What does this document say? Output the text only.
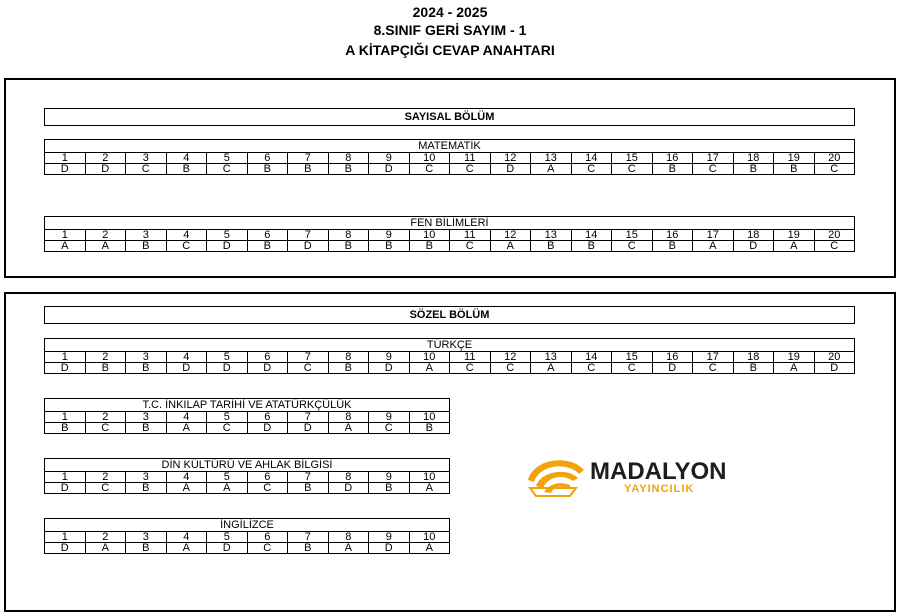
2024 - 2025
8.SINIF GERİ SAYIM - 1
A KİTAPÇIĞI CEVAP ANAHTARI
SAYISAL BÖLÜM
SÖZEL BÖLÜM
MATEMATİK																			
1	2	3	4	5	6	7	8	9	10	11	12	13	14	15	16	17	18	19	20
D	D	C	B	C	B	B	B	D	C	C	D	A	C	C	B	C	B	B	C
FEN BİLİMLERİ																			
1	2	3	4	5	6	7	8	9	10	11	12	13	14	15	16	17	18	19	20
A	A	B	C	D	B	D	B	B	B	C	A	B	B	C	B	A	D	A	C
TÜRKÇE																			
1	2	3	4	5	6	7	8	9	10	11	12	13	14	15	16	17	18	19	20
D	B	B	D	D	D	C	B	D	A	C	C	A	C	C	D	C	B	A	D
T.C. İNKILAP TARİHİ VE ATATÜRKÇÜLÜK									
1	2	3	4	5	6	7	8	9	10
B	C	B	A	C	D	D	A	C	B
DİN KÜLTÜRÜ VE AHLAK BİLGİSİ									
1	2	3	4	5	6	7	8	9	10
D	C	B	A	A	C	B	D	B	A
İNGİLİZCE									
1	2	3	4	5	6	7	8	9	10
D	A	B	A	D	C	B	A	D	A
MADALYON
YAYINCILIK
